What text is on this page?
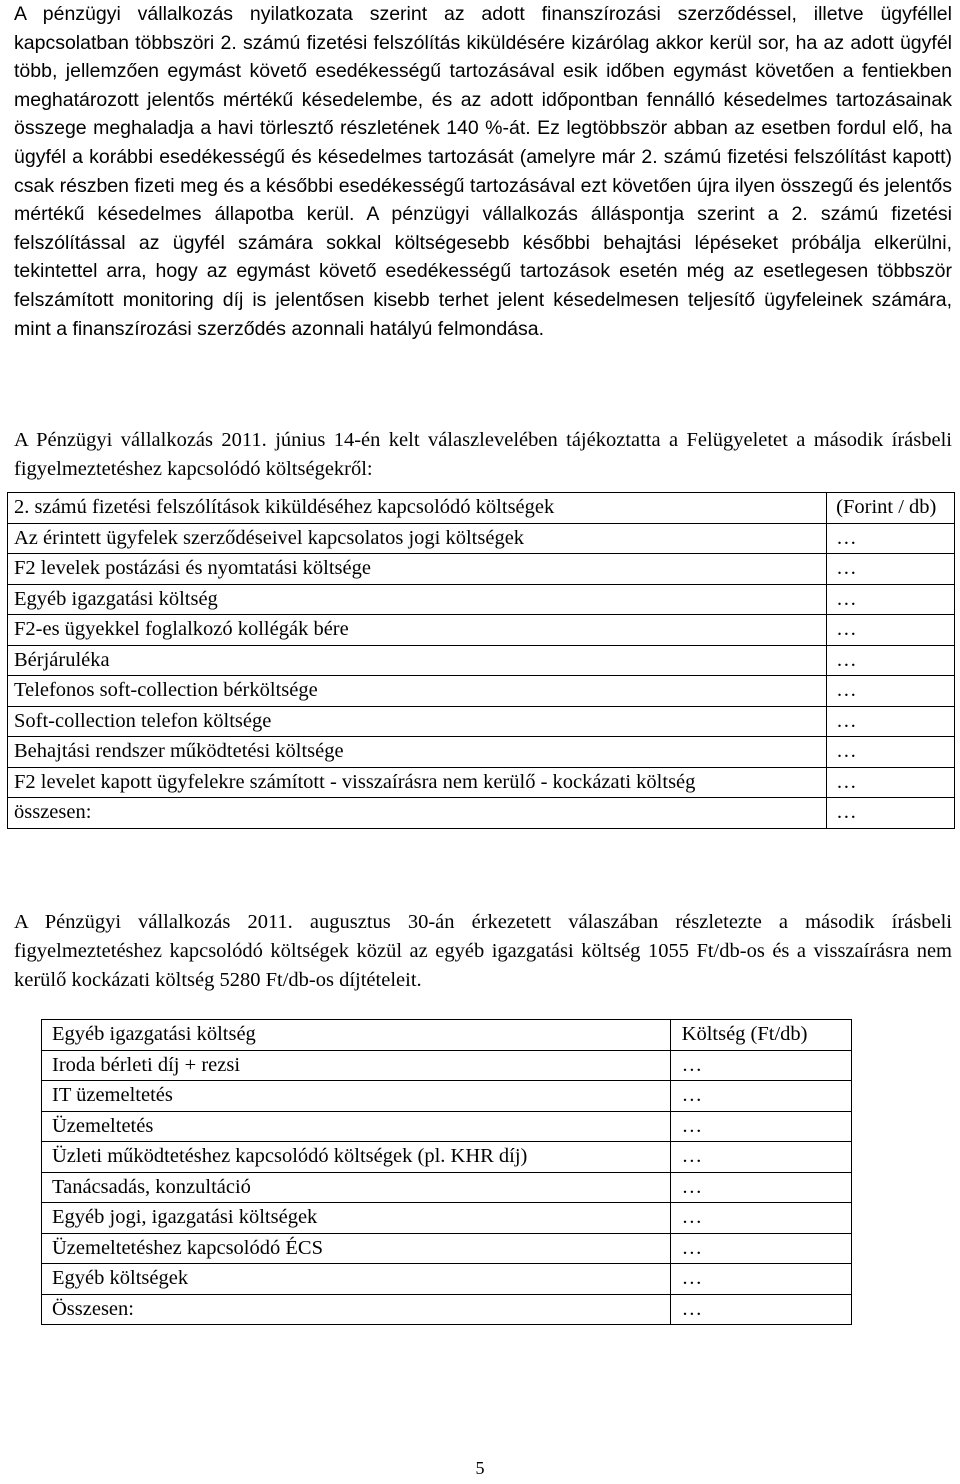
A pénzügyi vállalkozás nyilatkozata szerint az adott finanszírozási szerződéssel, illetve ügyféllel kapcsolatban többszöri 2. számú fizetési felszólítás kiküldésére kizárólag akkor kerül sor, ha az adott ügyfél több, jellemzően egymást követő esedékességű tartozásával esik időben egymást követően a fentiekben meghatározott jelentős mértékű késedelembe, és az adott időpontban fennálló késedelmes tartozásainak összege meghaladja a havi törlesztő részletének 140 %-át. Ez legtöbbször abban az esetben fordul elő, ha ügyfél a korábbi esedékességű és késedelmes tartozását (amelyre már 2. számú fizetési felszólítást kapott) csak részben fizeti meg és a későbbi esedékességű tartozásával ezt követően újra ilyen összegű és jelentős mértékű késedelmes állapotba kerül. A pénzügyi vállalkozás álláspontja szerint a 2. számú fizetési felszólítással az ügyfél számára sokkal költségesebb későbbi behajtási lépéseket próbálja elkerülni, tekintettel arra, hogy az egymást követő esedékességű tartozások esetén még az esetlegesen többször felszámított monitoring díj is jelentősen kisebb terhet jelent késedelmesen teljesítő ügyfeleinek számára, mint a finanszírozási szerződés azonnali hatályú felmondása.

A Pénzügyi vállalkozás 2011. június 14-én kelt válaszlevelében tájékoztatta a Felügyeletet a második írásbeli figyelmeztetéshez kapcsolódó költségekről:

2. számú fizetési felszólítások kiküldéséhez kapcsolódó költségek	(Forint / db)
Az érintett ügyfelek szerződéseivel kapcsolatos jogi költségek	…
F2 levelek postázási és nyomtatási költsége	…
Egyéb igazgatási költség	…
F2-es ügyekkel foglalkozó kollégák bére	…
Bérjáruléka	…
Telefonos soft-collection bérköltsége	…
Soft-collection telefon költsége	…
Behajtási rendszer működtetési költsége	…
F2 levelet kapott ügyfelekre számított - visszaírásra nem kerülő - kockázati költség	…
összesen:	…

A Pénzügyi vállalkozás 2011. augusztus 30-án érkezetett válaszában részletezte a második írásbeli figyelmeztetéshez kapcsolódó költségek közül az egyéb igazgatási költség 1055 Ft/db-os és a visszaírásra nem kerülő kockázati költség 5280 Ft/db-os díjtételeit.

Egyéb igazgatási költség	Költség (Ft/db)
Iroda bérleti díj + rezsi	…
IT üzemeltetés	…
Üzemeltetés	…
Üzleti működtetéshez kapcsolódó költségek (pl. KHR díj)	…
Tanácsadás, konzultáció	…
Egyéb jogi, igazgatási költségek	…
Üzemeltetéshez kapcsolódó ÉCS	…
Egyéb költségek	…
Összesen:	…
5
